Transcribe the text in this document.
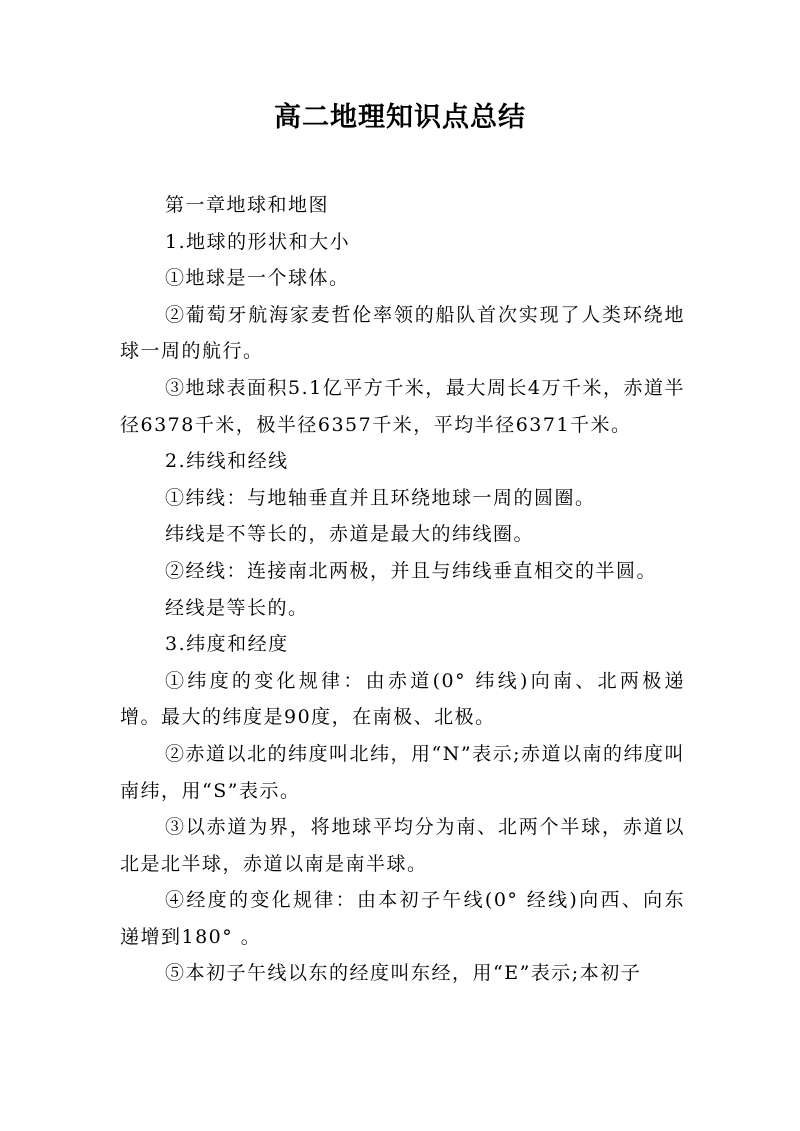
高二地理知识点总结

第一章地球和地图

1.地球的形状和大小

①地球是一个球体。

②葡萄牙航海家麦哲伦率领的船队首次实现了人类环绕地球一周的航行。

③地球表面积5.1亿平方千米，最大周长4万千米，赤道半径6378千米，极半径6357千米，平均半径6371千米。

2.纬线和经线

①纬线：与地轴垂直并且环绕地球一周的圆圈。

纬线是不等长的，赤道是最大的纬线圈。

②经线：连接南北两极，并且与纬线垂直相交的半圆。

经线是等长的。

3.纬度和经度

①纬度的变化规律：由赤道(0° 纬线)向南、北两极递增。最大的纬度是90度，在南极、北极。

②赤道以北的纬度叫北纬，用“N”表示;赤道以南的纬度叫南纬，用“S”表示。

③以赤道为界，将地球平均分为南、北两个半球，赤道以北是北半球，赤道以南是南半球。

④经度的变化规律：由本初子午线(0° 经线)向西、向东递增到180° 。

⑤本初子午线以东的经度叫东经，用“E”表示;本初子
